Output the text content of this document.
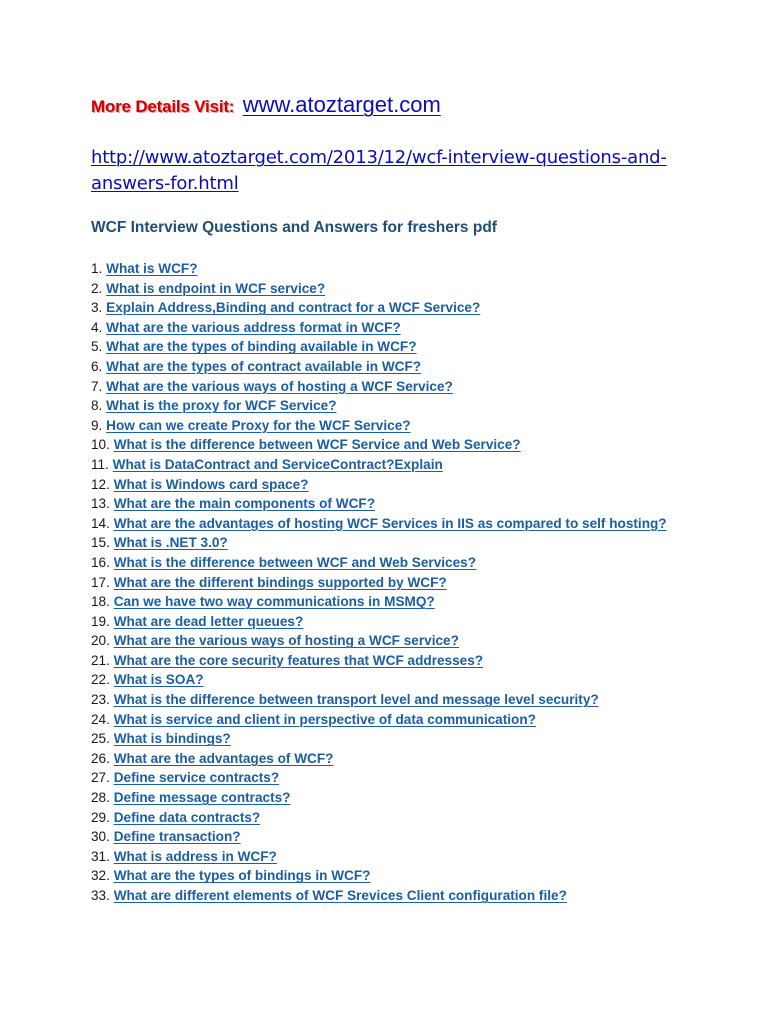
More Details Visit: www.atoztarget.com
http://www.atoztarget.com/2013/12/wcf-interview-questions-and-answers-for.html
WCF Interview Questions and Answers for freshers pdf
1. What is WCF?
2. What is endpoint in WCF service?
3. Explain Address,Binding and contract for a WCF Service?
4. What are the various address format in WCF?
5. What are the types of binding available in WCF?
6. What are the types of contract available in WCF?
7. What are the various ways of hosting a WCF Service?
8. What is the proxy for WCF Service?
9. How can we create Proxy for the WCF Service?
10. What is the difference between WCF Service and Web Service?
11. What is DataContract and ServiceContract?Explain
12. What is Windows card space?
13. What are the main components of WCF?
14. What are the advantages of hosting WCF Services in IIS as compared to self hosting?
15. What is .NET 3.0?
16. What is the difference between WCF and Web Services?
17. What are the different bindings supported by WCF?
18. Can we have two way communications in MSMQ?
19. What are dead letter queues?
20. What are the various ways of hosting a WCF service?
21. What are the core security features that WCF addresses?
22. What is SOA?
23. What is the difference between transport level and message level security?
24. What is service and client in perspective of data communication?
25. What is bindings?
26. What are the advantages of WCF?
27. Define service contracts?
28. Define message contracts?
29. Define data contracts?
30. Define transaction?
31. What is address in WCF?
32. What are the types of bindings in WCF?
33. What are different elements of WCF Srevices Client configuration file?
